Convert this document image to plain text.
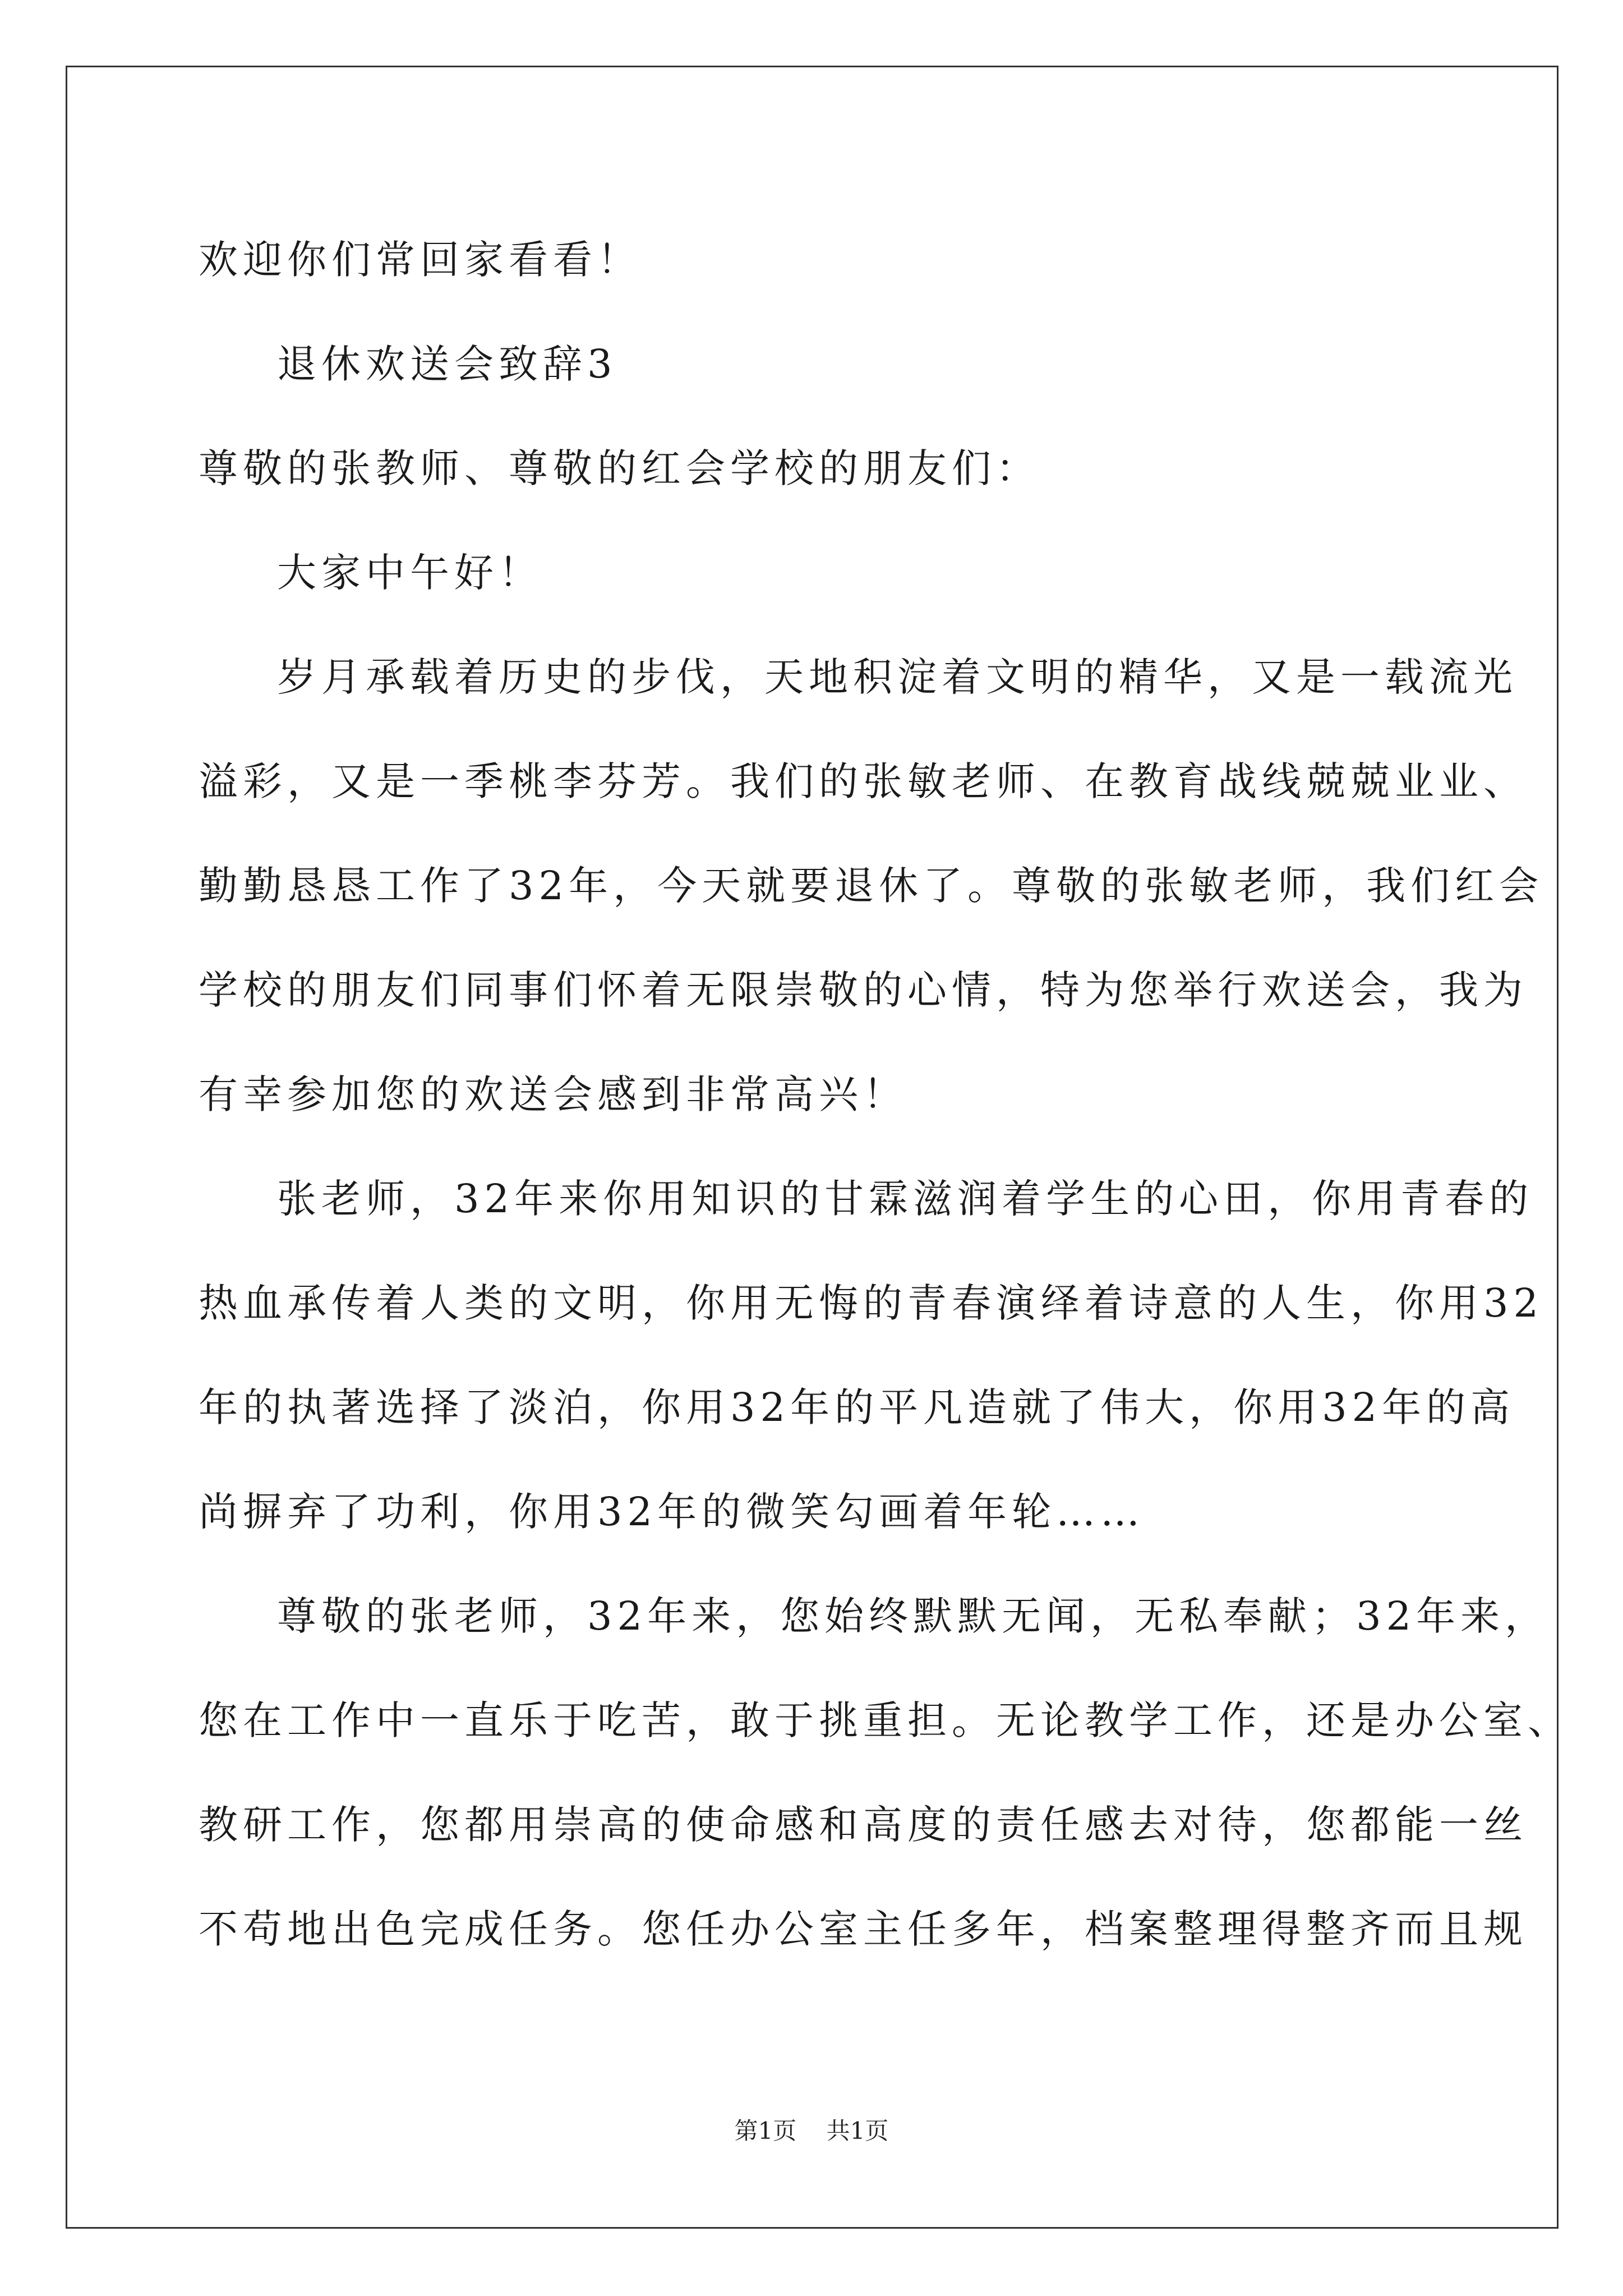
欢迎你们常回家看看！
退休欢送会致辞3
尊敬的张教师、尊敬的红会学校的朋友们：
大家中午好！
岁月承载着历史的步伐，天地积淀着文明的精华，又是一载流光
溢彩，又是一季桃李芬芳。我们的张敏老师、在教育战线兢兢业业、
勤勤恳恳工作了32年，今天就要退休了。尊敬的张敏老师，我们红会
学校的朋友们同事们怀着无限崇敬的心情，特为您举行欢送会，我为
有幸参加您的欢送会感到非常高兴！
张老师，32年来你用知识的甘霖滋润着学生的心田，你用青春的
热血承传着人类的文明，你用无悔的青春演绎着诗意的人生，你用32
年的执著选择了淡泊，你用32年的平凡造就了伟大，你用32年的高
尚摒弃了功利，你用32年的微笑勾画着年轮……
尊敬的张老师，32年来，您始终默默无闻，无私奉献；32年来，
您在工作中一直乐于吃苦，敢于挑重担。无论教学工作，还是办公室、
教研工作，您都用崇高的使命感和高度的责任感去对待，您都能一丝
不苟地出色完成任务。您任办公室主任多年，档案整理得整齐而且规
第1页 共1页
